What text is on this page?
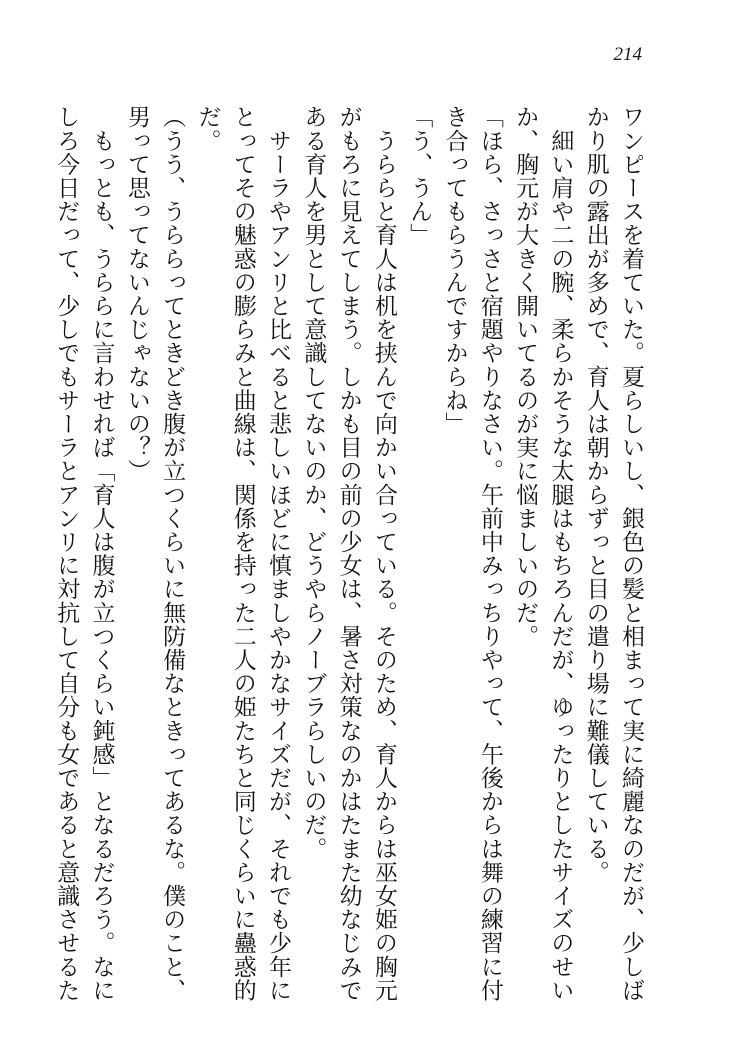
214
ワンピースを着ていた。夏らしいし、銀色の髪と相まって実に綺麗なのだが、少しば
かり肌の露出が多めで、育人は朝からずっと目の遣り場に難儀している。
　細い肩や二の腕、柔らかそうな太腿はもちろんだが、ゆったりとしたサイズのせい
か、胸元が大きく開いてるのが実に悩ましいのだ。
「ほら、さっさと宿題やりなさい。午前中みっちりやって、午後からは舞の練習に付
き合ってもらうんですからね」
「う、うん」
　うららと育人は机を挟んで向かい合っている。そのため、育人からは巫女姫の胸元
がもろに見えてしまう。しかも目の前の少女は、暑さ対策なのかはたまた幼なじみで
ある育人を男として意識してないのか、どうやらノーブラらしいのだ。
　サーラやアンリと比べると悲しいほどに慎ましやかなサイズだが、それでも少年に
とってその魅惑の膨らみと曲線は、関係を持った二人の姫たちと同じくらいに蠱惑的
だ。
（うう、うららってときどき腹が立つくらいに無防備なときってあるな。僕のこと、
男って思ってないんじゃないの？）
　もっとも、うららに言わせれば「育人は腹が立つくらい鈍感」となるだろう。なに
しろ今日だって、少しでもサーラとアンリに対抗して自分も女であると意識させるた
